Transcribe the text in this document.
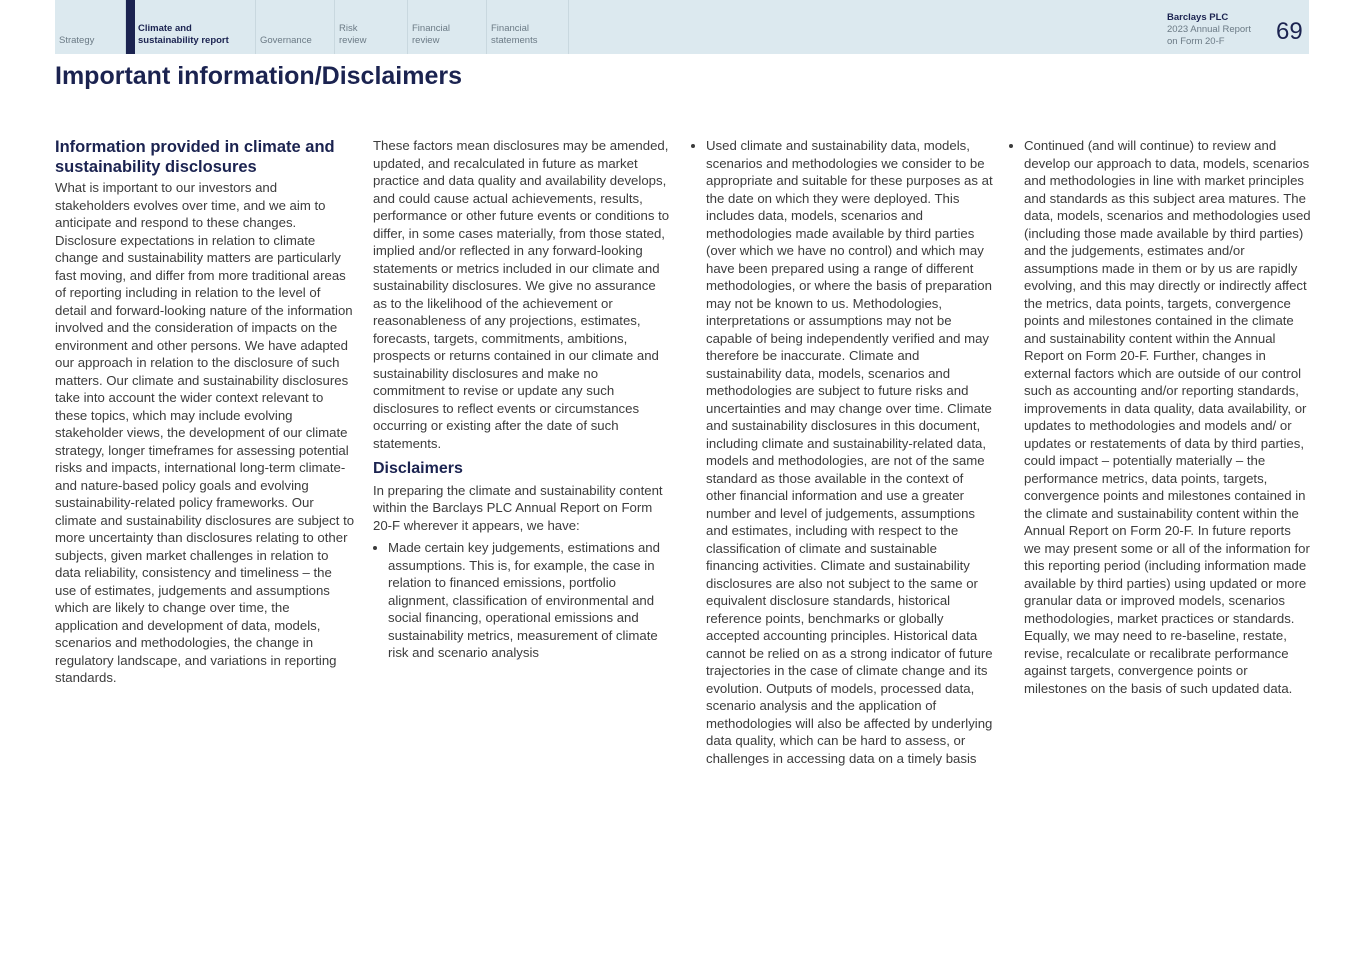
Strategy
Climate and sustainability report	Governance
Risk review
Financial review
Financial statements
Barclays PLC
2023 Annual Report
on Form 20-F	69
Important information/Disclaimers
Information provided in climate and sustainability disclosures

What is important to our investors and stakeholders evolves over time, and we aim to anticipate and respond to these changes. Disclosure expectations in relation to climate change and sustainability matters are particularly fast moving, and differ from more traditional areas of reporting including in relation to the level of detail and forward-looking nature of the information involved and the consideration of impacts on the environment and other persons. We have adapted our approach in relation to the disclosure of such matters. Our climate and sustainability disclosures take into account the wider context relevant to these topics, which may include evolving stakeholder views, the development of our climate strategy, longer timeframes for assessing potential risks and impacts, international long-term climate- and nature-based policy goals and evolving sustainability-related policy frameworks. Our climate and sustainability disclosures are subject to more uncertainty than disclosures relating to other subjects, given market challenges in relation to data reliability, consistency and timeliness – the use of estimates, judgements and assumptions which are likely to change over time, the application and development of data, models, scenarios and methodologies, the change in regulatory landscape, and variations in reporting standards.

These factors mean disclosures may be amended, updated, and recalculated in future as market practice and data quality and availability develops, and could cause actual achievements, results, performance or other future events or conditions to differ, in some cases materially, from those stated, implied and/or reflected in any forward-looking statements or metrics included in our climate and sustainability disclosures. We give no assurance as to the likelihood of the achievement or reasonableness of any projections, estimates, forecasts, targets, commitments, ambitions, prospects or returns contained in our climate and sustainability disclosures and make no commitment to revise or update any such disclosures to reflect events or circumstances occurring or existing after the date of such statements.

Disclaimers

In preparing the climate and sustainability content within the Barclays PLC Annual Report on Form 20-F wherever it appears, we have:

• Made certain key judgements, estimations and assumptions. This is, for example, the case in relation to financed emissions, portfolio alignment, classification of environmental and social financing, operational emissions and sustainability metrics, measurement of climate risk and scenario analysis
• Used climate and sustainability data, models, scenarios and methodologies we consider to be appropriate and suitable for these purposes as at the date on which they were deployed. This includes data, models, scenarios and methodologies made available by third parties (over which we have no control) and which may have been prepared using a range of different methodologies, or where the basis of preparation may not be known to us. Methodologies, interpretations or assumptions may not be capable of being independently verified and may therefore be inaccurate. Climate and sustainability data, models, scenarios and methodologies are subject to future risks and uncertainties and may change over time. Climate and sustainability disclosures in this document, including climate and sustainability-related data, models and methodologies, are not of the same standard as those available in the context of other financial information and use a greater number and level of judgements, assumptions and estimates, including with respect to the classification of climate and sustainable financing activities. Climate and sustainability disclosures are also not subject to the same or equivalent disclosure standards, historical reference points, benchmarks or globally accepted accounting principles. Historical data cannot be relied on as a strong indicator of future trajectories in the case of climate change and its evolution. Outputs of models, processed data, scenario analysis and the application of methodologies will also be affected by underlying data quality, which can be hard to assess, or challenges in accessing data on a timely basis
• Continued (and will continue) to review and develop our approach to data, models, scenarios and methodologies in line with market principles and standards as this subject area matures. The data, models, scenarios and methodologies used (including those made available by third parties) and the judgements, estimates and/or assumptions made in them or by us are rapidly evolving, and this may directly or indirectly affect the metrics, data points, targets, convergence points and milestones contained in the climate and sustainability content within the Annual Report on Form 20-F. Further, changes in external factors which are outside of our control such as accounting and/or reporting standards, improvements in data quality, data availability, or updates to methodologies and models and/ or updates or restatements of data by third parties, could impact – potentially materially – the performance metrics, data points, targets, convergence points and milestones contained in the climate and sustainability content within the Annual Report on Form 20-F. In future reports we may present some or all of the information for this reporting period (including information made available by third parties) using updated or more granular data or improved models, scenarios methodologies, market practices or standards. Equally, we may need to re-baseline, restate, revise, recalculate or recalibrate performance against targets, convergence points or milestones on the basis of such updated data.
